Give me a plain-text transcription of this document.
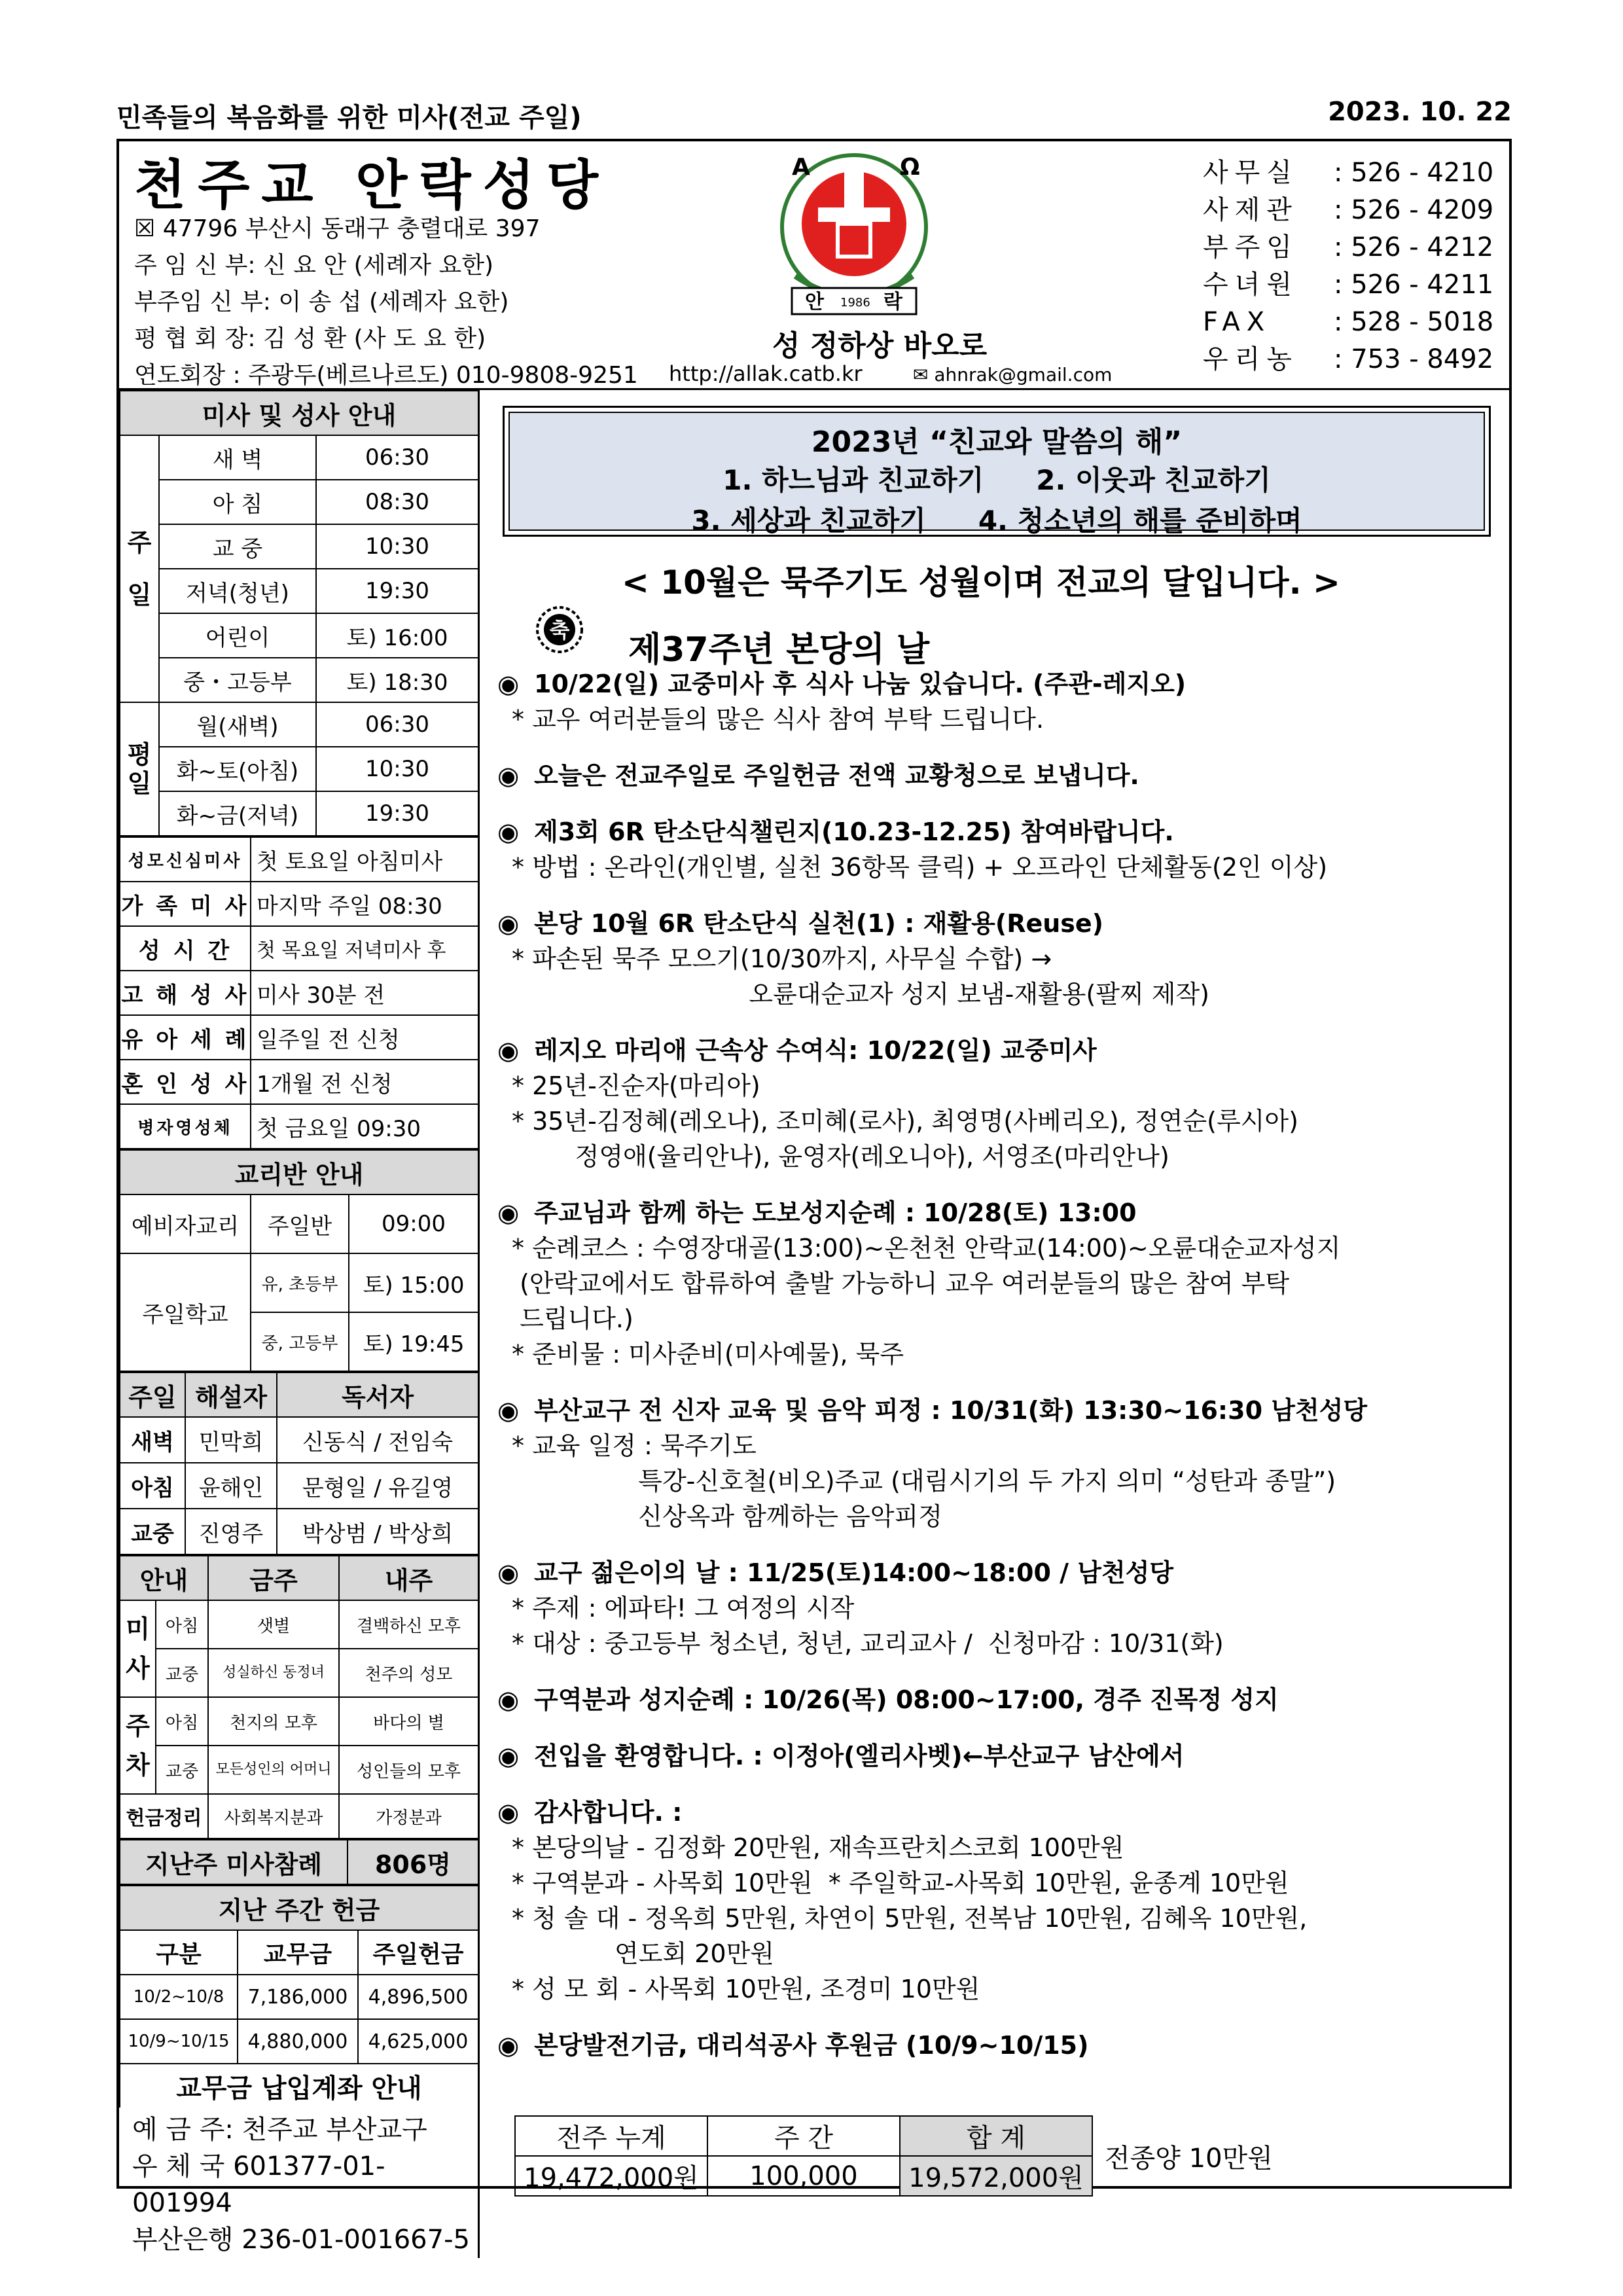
민족들의 복음화를 위한 미사(전교 주일)	2023. 10. 22
천주교 안락성당
☒ 47796 부산시 동래구 충렬대로 397
주 임 신 부: 신 요 안 (세례자 요한)
부주임 신 부: 이 송 섭 (세례자 요한)
평 협 회 장: 김 성 환 (사 도 요 한)
연도회장 : 주광두(베르나르도) 010-9808-9251
Α	Ω
안 1986 락
성 정하상 바오로
http://allak.catb.kr	✉ ahnrak@gmail.com
사무실 : 526 - 4210
사제관 : 526 - 4209
부주임 : 526 - 4212
수녀원 : 526 - 4211
FAX : 528 - 5018
우리농 : 753 - 8492
미사 및 성사 안내		
주

일	새 벽	06:30
	아 침	08:30
	교 중	10:30
	저녁(청년)	19:30
	어린이	토) 16:00
	중・고등부	토) 18:30
평
일	월(새벽)	06:30
	화~토(아침)	10:30
	화~금(저녁)	19:30
성모신심미사	첫 토요일 아침미사
가 족 미 사	마지막 주일 08:30
성 시 간	첫 목요일 저녁미사 후
고 해 성 사	미사 30분 전
유 아 세 례	일주일 전 신청
혼 인 성 사	1개월 전 신청
병자영성체	첫 금요일 09:30
교리반 안내		
예비자교리	주일반	09:00
주일학교	유, 초등부	토) 15:00
	중, 고등부	토) 19:45
주일	해설자	독서자
새벽	민막희	신동식 / 전임숙
아침	윤해인	문형일 / 유길영
교중	진영주	박상범 / 박상희
안내		금주	내주
미
사	아침	샛별	결백하신 모후
	교중	성실하신 동정녀	천주의 성모
주
차	아침	천지의 모후	바다의 별
	교중	모든성인의 어머니	성인들의 모후
헌금정리		사회복지분과	가정분과
지난주 미사참례	806명
지난 주간 헌금		
구분	교무금	주일헌금
10/2~10/8	7,186,000	4,896,500
10/9~10/15	4,880,000	4,625,000
교무금 납입계좌 안내		
예 금 주: 천주교 부산교구
우 체 국 601377-01-001994
부산은행 236-01-001667-5
2023년 “친교와 말씀의 해”
1. 하느님과 친교하기 2. 이웃과 친교하기
3. 세상과 친교하기 4. 청소년의 해를 준비하며
< 10월은 묵주기도 성월이며 전교의 달입니다. >
축 제37주년 본당의 날
◉ 10/22(일) 교중미사 후 식사 나눔 있습니다. (주관-레지오)
* 교우 여러분들의 많은 식사 참여 부탁 드립니다.
◉ 오늘은 전교주일로 주일헌금 전액 교황청으로 보냅니다.
◉ 제3회 6R 탄소단식챌린지(10.23-12.25) 참여바랍니다.
* 방법 : 온라인(개인별, 실천 36항목 클릭) + 오프라인 단체활동(2인 이상)
◉ 본당 10월 6R 탄소단식 실천(1) : 재활용(Reuse)
* 파손된 묵주 모으기(10/30까지, 사무실 수합) →
오륜대순교자 성지 보냄-재활용(팔찌 제작)
◉ 레지오 마리애 근속상 수여식: 10/22(일) 교중미사
* 25년-진순자(마리아)
* 35년-김정혜(레오나), 조미혜(로사), 최영명(사베리오), 정연순(루시아)
정영애(율리안나), 윤영자(레오니아), 서영조(마리안나)
◉ 주교님과 함께 하는 도보성지순례 : 10/28(토) 13:00
* 순례코스 : 수영장대골(13:00)~온천천 안락교(14:00)~오륜대순교자성지
(안락교에서도 합류하여 출발 가능하니 교우 여러분들의 많은 참여 부탁
드립니다.)
* 준비물 : 미사준비(미사예물), 묵주
◉ 부산교구 전 신자 교육 및 음악 피정 : 10/31(화) 13:30~16:30 남천성당
* 교육 일정 : 묵주기도
특강-신호철(비오)주교 (대림시기의 두 가지 의미 “성탄과 종말”)
신상옥과 함께하는 음악피정
◉ 교구 젊은이의 날 : 11/25(토)14:00~18:00 / 남천성당
* 주제 : 에파타! 그 여정의 시작
* 대상 : 중고등부 청소년, 청년, 교리교사 /  신청마감 : 10/31(화)
◉ 구역분과 성지순례 : 10/26(목) 08:00~17:00, 경주 진목정 성지
◉ 전입을 환영합니다. : 이정아(엘리사벳)←부산교구 남산에서
◉ 감사합니다. :
* 본당의날 - 김정화 20만원, 재속프란치스코회 100만원
* 구역분과 - 사목회 10만원  * 주일학교-사목회 10만원, 윤종계 10만원
* 청 솔 대 - 정옥희 5만원, 차연이 5만원, 전복남 10만원, 김혜옥 10만원,
연도회 20만원
* 성 모 회 - 사목회 10만원, 조경미 10만원
◉ 본당발전기금, 대리석공사 후원금 (10/9~10/15)
전주 누계	주 간	합 계
19,472,000원	100,000	19,572,000원
전종양 10만원
